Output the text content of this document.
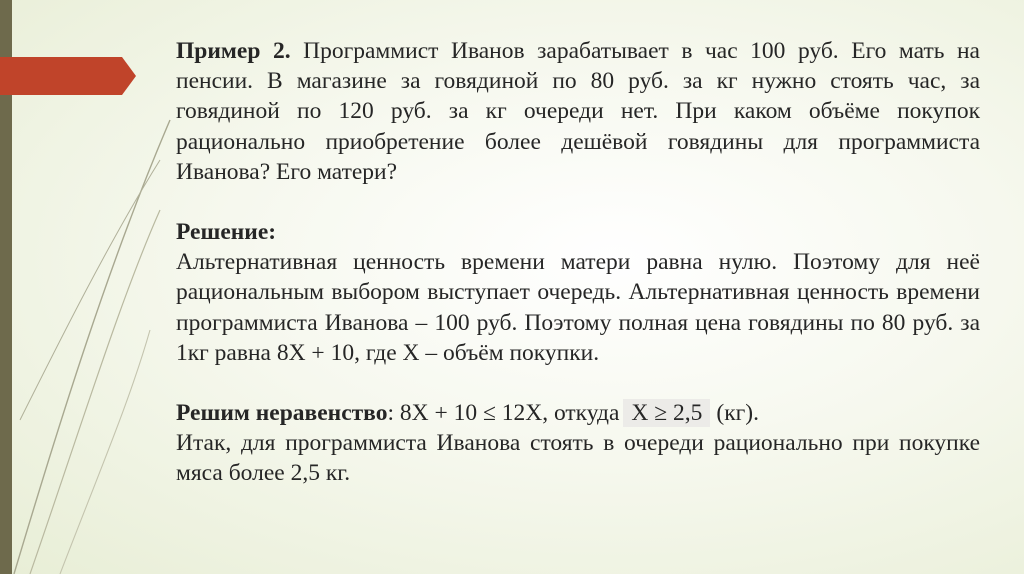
Пример 2. Программист Иванов зарабатывает в час 100 руб. Его мать на пенсии. В магазине за говядиной по 80 руб. за кг нужно стоять час, за говядиной по 120 руб. за кг очереди нет. При каком объёме покупок рационально приобретение более дешёвой говядины для программиста Иванова? Его матери?

Решение:

Альтернативная ценность времени матери равна нулю. Поэтому для неё рациональным выбором выступает очередь. Альтернативная ценность времени программиста Иванова – 100 руб. Поэтому полная цена говядины по 80 руб. за 1кг равна 8Х + 10, где Х – объём покупки.

Решим неравенство: 8Х + 10 ≤ 12Х, откуда X ≥ 2,5 (кг).

Итак, для программиста Иванова стоять в очереди рационально при покупке мяса более 2,5 кг.
